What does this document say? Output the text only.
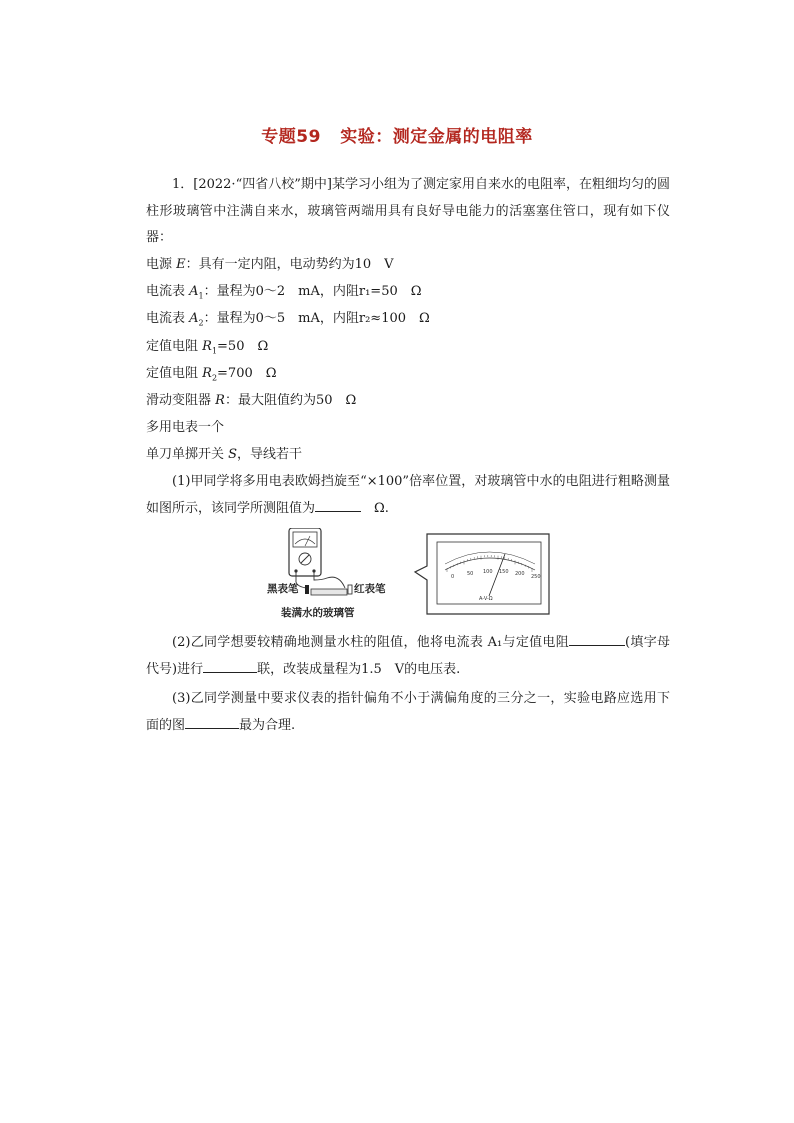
专题59 实验：测定金属的电阻率
1．[2022·“四省八校”期中]某学习小组为了测定家用自来水的电阻率，在粗细均匀的圆柱形玻璃管中注满自来水，玻璃管两端用具有良好导电能力的活塞塞住管口，现有如下仪器：
电源 E：具有一定内阻，电动势约为10　V
电流表 $A_1$：量程为0～2　mA，内阻r₁=50　Ω
电流表 $A_2$：量程为0～5　mA，内阻r₂≈100　Ω
定值电阻 $R_1=50$　Ω
定值电阻 $R_2=700$　Ω
滑动变阻器 R：最大阻值约为50　Ω
多用电表一个
单刀单掷开关 S，导线若干
(1)甲同学将多用电表欧姆挡旋至“×100”倍率位置，对玻璃管中水的电阻进行粗略测量如图所示，该同学所测阻值为	　Ω.
黑表笔	红表笔
装满水的玻璃管
0	50 100 150 200 250
A-V-Ω
(2)乙同学想要较精确地测量水柱的阻值，他将电流表 A₁与定值电阻	(填字母代号)进行	联，改装成量程为1.5　V的电压表.
(3)乙同学测量中要求仪表的指针偏角不小于满偏角度的三分之一，实验电路应选用下面的图	最为合理.
